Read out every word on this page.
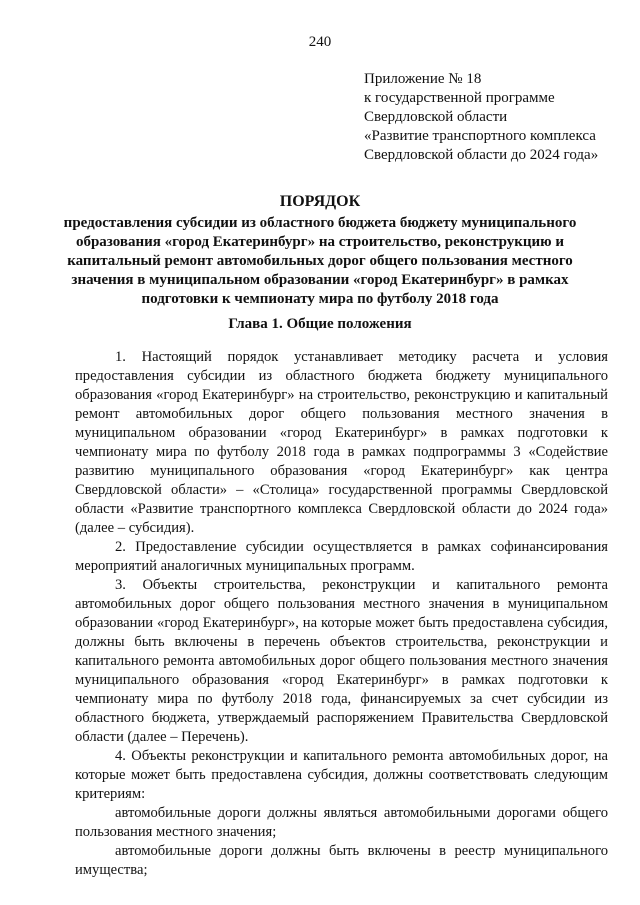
240
Приложение № 18
к государственной программе
Свердловской области
«Развитие транспортного комплекса
Свердловской области до 2024 года»
ПОРЯДОК
предоставления субсидии из областного бюджета бюджету муниципального образования «город Екатеринбург» на строительство, реконструкцию и капитальный ремонт автомобильных дорог общего пользования местного значения в муниципальном образовании «город Екатеринбург» в рамках подготовки к чемпионату мира по футболу 2018 года
Глава 1. Общие положения

1. Настоящий порядок устанавливает методику расчета и условия предоставления субсидии из областного бюджета бюджету муниципального образования «город Екатеринбург» на строительство, реконструкцию и капитальный ремонт автомобильных дорог общего пользования местного значения в муниципальном образовании «город Екатеринбург» в рамках подготовки к чемпионату мира по футболу 2018 года в рамках подпрограммы 3 «Содействие развитию муниципального образования «город Екатеринбург» как центра Свердловской области» – «Столица» государственной программы Свердловской области «Развитие транспортного комплекса Свердловской области до 2024 года» (далее – субсидия).

2. Предоставление субсидии осуществляется в рамках софинансирования мероприятий аналогичных муниципальных программ.

3. Объекты строительства, реконструкции и капитального ремонта автомобильных дорог общего пользования местного значения в муниципальном образовании «город Екатеринбург», на которые может быть предоставлена субсидия, должны быть включены в перечень объектов строительства, реконструкции и капитального ремонта автомобильных дорог общего пользования местного значения муниципального образования «город Екатеринбург» в рамках подготовки к чемпионату мира по футболу 2018 года, финансируемых за счет субсидии из областного бюджета, утверждаемый распоряжением Правительства Свердловской области (далее – Перечень).

4. Объекты реконструкции и капитального ремонта автомобильных дорог, на которые может быть предоставлена субсидия, должны соответствовать следующим критериям:

автомобильные дороги должны являться автомобильными дорогами общего пользования местного значения;

автомобильные дороги должны быть включены в реестр муниципального имущества;
